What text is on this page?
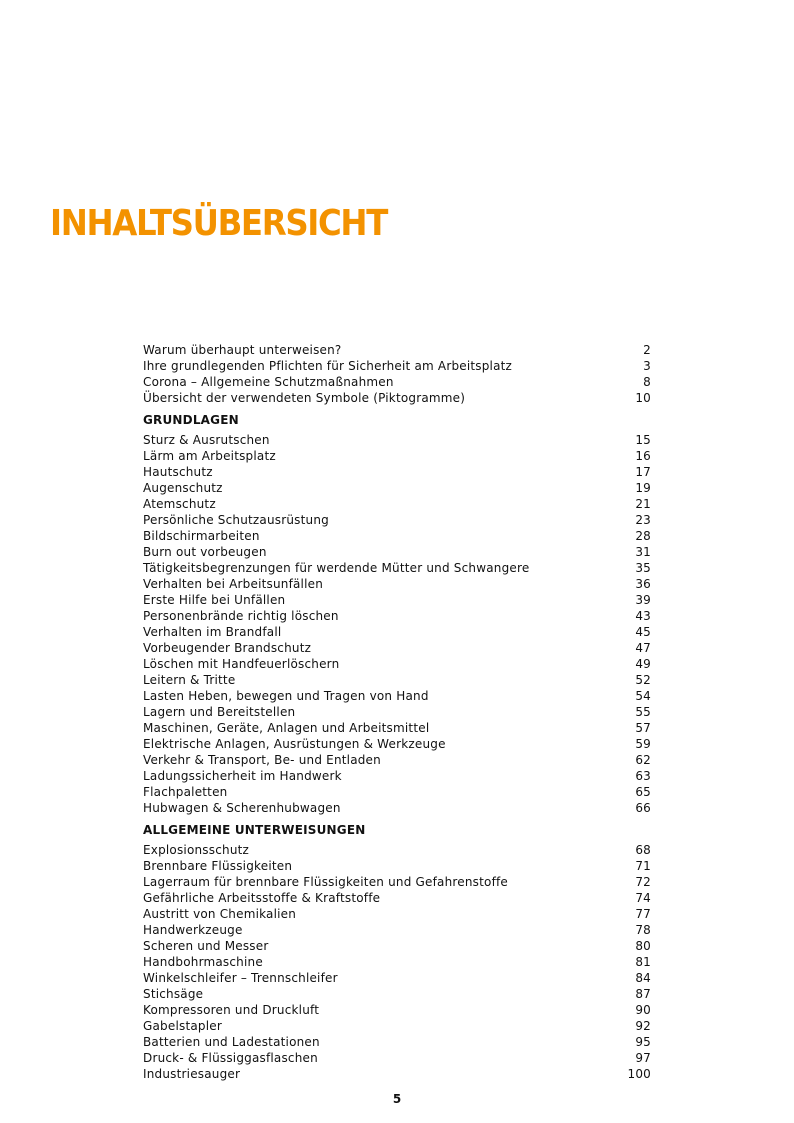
INHALTSÜBERSICHT
Warum überhaupt unterweisen?	2
Ihre grundlegenden Pflichten für Sicherheit am Arbeitsplatz	3
Corona – Allgemeine Schutzmaßnahmen	8
Übersicht der verwendeten Symbole (Piktogramme)	10
GRUNDLAGEN
Sturz & Ausrutschen	15
Lärm am Arbeitsplatz	16
Hautschutz	17
Augenschutz	19
Atemschutz	21
Persönliche Schutzausrüstung	23
Bildschirmarbeiten	28
Burn out vorbeugen	31
Tätigkeitsbegrenzungen für werdende Mütter und Schwangere	35
Verhalten bei Arbeitsunfällen	36
Erste Hilfe bei Unfällen	39
Personenbrände richtig löschen	43
Verhalten im Brandfall	45
Vorbeugender Brandschutz	47
Löschen mit Handfeuerlöschern	49
Leitern & Tritte	52
Lasten Heben, bewegen und Tragen von Hand	54
Lagern und Bereitstellen	55
Maschinen, Geräte, Anlagen und Arbeitsmittel	57
Elektrische Anlagen, Ausrüstungen & Werkzeuge	59
Verkehr & Transport, Be- und Entladen	62
Ladungssicherheit im Handwerk	63
Flachpaletten	65
Hubwagen & Scherenhubwagen	66
ALLGEMEINE UNTERWEISUNGEN
Explosionsschutz	68
Brennbare Flüssigkeiten	71
Lagerraum für brennbare Flüssigkeiten und Gefahrenstoffe	72
Gefährliche Arbeitsstoffe & Kraftstoffe	74
Austritt von Chemikalien	77
Handwerkzeuge	78
Scheren und Messer	80
Handbohrmaschine	81
Winkelschleifer – Trennschleifer	84
Stichsäge	87
Kompressoren und Druckluft	90
Gabelstapler	92
Batterien und Ladestationen	95
Druck- & Flüssiggasflaschen	97
Industriesauger	100
5
